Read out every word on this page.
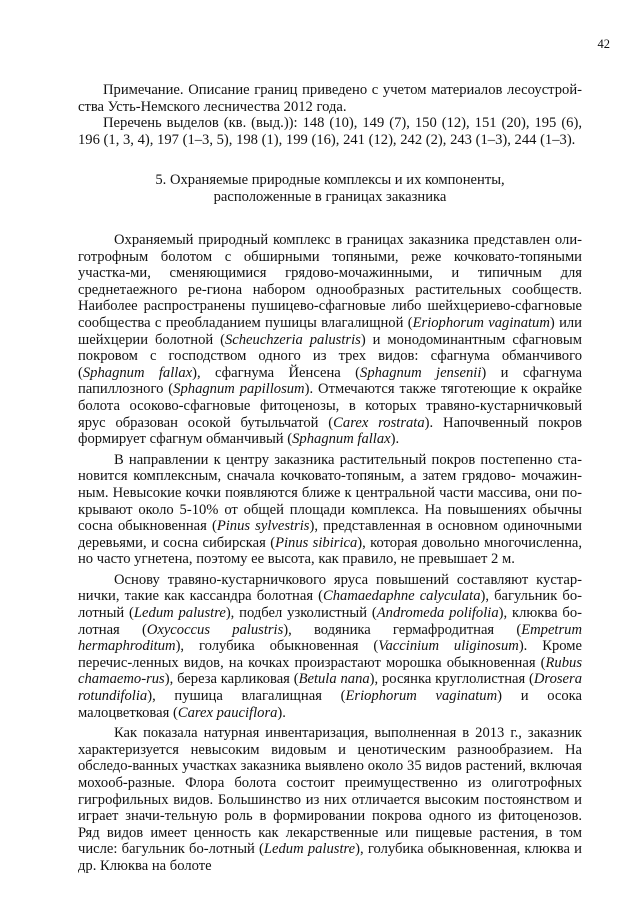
42

Примечание. Описание границ приведено с учетом материалов лесоустрой-ства Усть-Немского лесничества 2012 года.

Перечень выделов (кв. (выд.)): 148 (10), 149 (7), 150 (12), 151 (20), 195 (6), 196 (1, 3, 4), 197 (1–3, 5), 198 (1), 199 (16), 241 (12), 242 (2), 243 (1–3), 244 (1–3).

5. Охраняемые природные комплексы и их компоненты,
расположенные в границах заказника

Охраняемый природный комплекс в границах заказника представлен оли-готрофным болотом с обширными топяными, реже кочковато-топяными участка-ми, сменяющимися грядово-мочажинными, и типичным для среднетаежного ре-гиона набором однообразных растительных сообществ. Наиболее распространены пушицево-сфагновые либо шейхцериево-сфагновые сообщества с преобладанием пушицы влагалищной (Eriophorum vaginatum) или шейхцерии болотной (Scheuchzeria palustris) и монодоминантным сфагновым покровом с господством одного из трех видов: сфагнума обманчивого (Sphagnum fallax), сфагнума Йенсена (Sphagnum jensenii) и сфагнума папиллозного (Sphagnum papillosum). Отмечаются также тяготеющие к окрайке болота осоково-сфагновые фитоценозы, в которых травяно-кустарничковый ярус образован осокой бутыльчатой (Carex rostrata). Напочвенный покров формирует сфагнум обманчивый (Sphagnum fallax).

В направлении к центру заказника растительный покров постепенно ста-новится комплексным, сначала кочковато-топяным, а затем грядово- мочажин-ным. Невысокие кочки появляются ближе к центральной части массива, они по-крывают около 5-10% от общей площади комплекса. На повышениях обычны сосна обыкновенная (Pinus sylvestris), представленная в основном одиночными деревьями, и сосна сибирская (Pinus sibirica), которая довольно многочисленна, но часто угнетена, поэтому ее высота, как правило, не превышает 2 м.

Основу травяно-кустарничкового яруса повышений составляют кустар-нички, такие как кассандра болотная (Chamaedaphne calyculata), багульник бо-лотный (Ledum palustre), подбел узколистный (Andromeda polifolia), клюква бо-лотная (Oxycoccus palustris), водяника гермафродитная (Empetrum hermaphroditum), голубика обыкновенная (Vaccinium uliginosum). Кроме перечис-ленных видов, на кочках произрастают морошка обыкновенная (Rubus chamaemo-rus), береза карликовая (Betula nana), росянка круглолистная (Drosera rotundifolia), пушица влагалищная (Eriophorum vaginatum) и осока малоцветковая (Carex pauciflora).

Как показала натурная инвентаризация, выполненная в 2013 г., заказник характеризуется невысоким видовым и ценотическим разнообразием. На обследо-ванных участках заказника выявлено около 35 видов растений, включая мохооб-разные. Флора болота состоит преимущественно из олиготрофных гигрофильных видов. Большинство из них отличается высоким постоянством и играет значи-тельную роль в формировании покрова одного из фитоценозов. Ряд видов имеет ценность как лекарственные или пищевые растения, в том числе: багульник бо-лотный (Ledum palustre), голубика обыкновенная, клюква и др. Клюква на болоте
